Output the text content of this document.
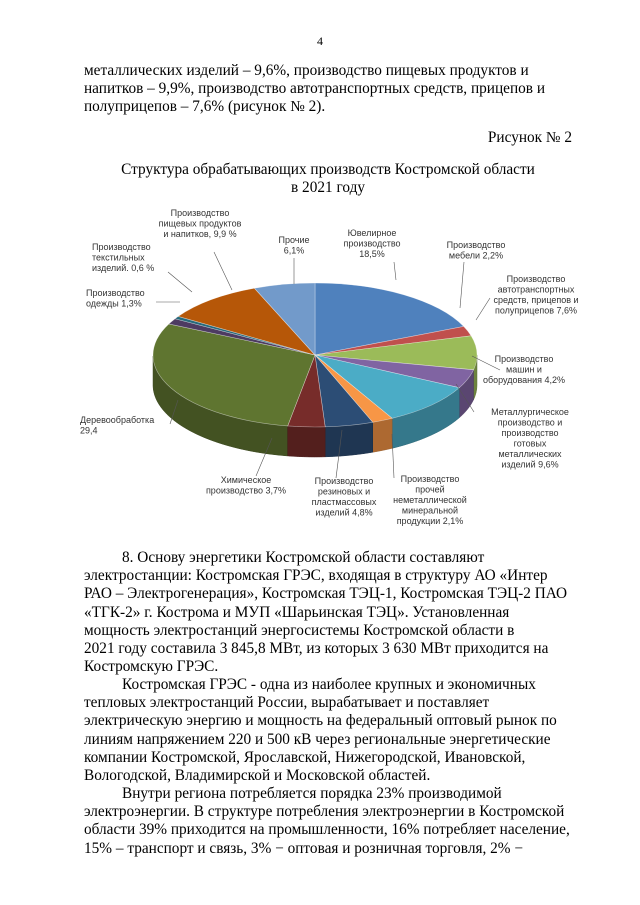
4

металлических изделий – 9,6%, производство пищевых продуктов и
напитков – 9,9%, производство автотранспортных средств, прицепов и
полуприцепов – 7,6% (рисунок № 2).

Рисунок № 2
Структура обрабатывающих производств Костромской области
в 2021 году
Ювелирное производство 18,5%
Производство мебели 2,2%
Производство автотранспортных средств, прицепов и полуприцепов 7,6%
Производство машин и оборудования 4,2%
Металлургическое производство и производство готовых металлических изделий 9,6%
Производство прочей неметаллической минеральной продукции 2,1%
Производство резиновых и пластмассовых изделий 4,8%
Химическое производство 3,7%
Деревообработка 29,4
Производство одежды 1,3%
Производство текстильных изделий. 0,6 %
Производство пищевых продуктов и напитков, 9,9 %
Прочие 6,1%

8. Основу энергетики Костромской области составляют
электростанции: Костромская ГРЭС, входящая в структуру АО «Интер
РАО – Электрогенерация», Костромская ТЭЦ-1, Костромская ТЭЦ-2 ПАО
«ТГК-2» г. Кострома и МУП «Шарьинская ТЭЦ». Установленная
мощность электростанций энергосистемы Костромской области в
2021 году составила 3 845,8 МВт, из которых 3 630 МВт приходится на
Костромскую ГРЭС.

Костромская ГРЭС - одна из наиболее крупных и экономичных
тепловых электростанций России, вырабатывает и поставляет
электрическую энергию и мощность на федеральный оптовый рынок по
линиям напряжением 220 и 500 кВ через региональные энергетические
компании Костромской, Ярославской, Нижегородской, Ивановской,
Вологодской, Владимирской и Московской областей.

Внутри региона потребляется порядка 23% производимой
электроэнергии. В структуре потребления электроэнергии в Костромской
области 39% приходится на промышленности, 16% потребляет население,
15% – транспорт и связь, 3% − оптовая и розничная торговля, 2% −
